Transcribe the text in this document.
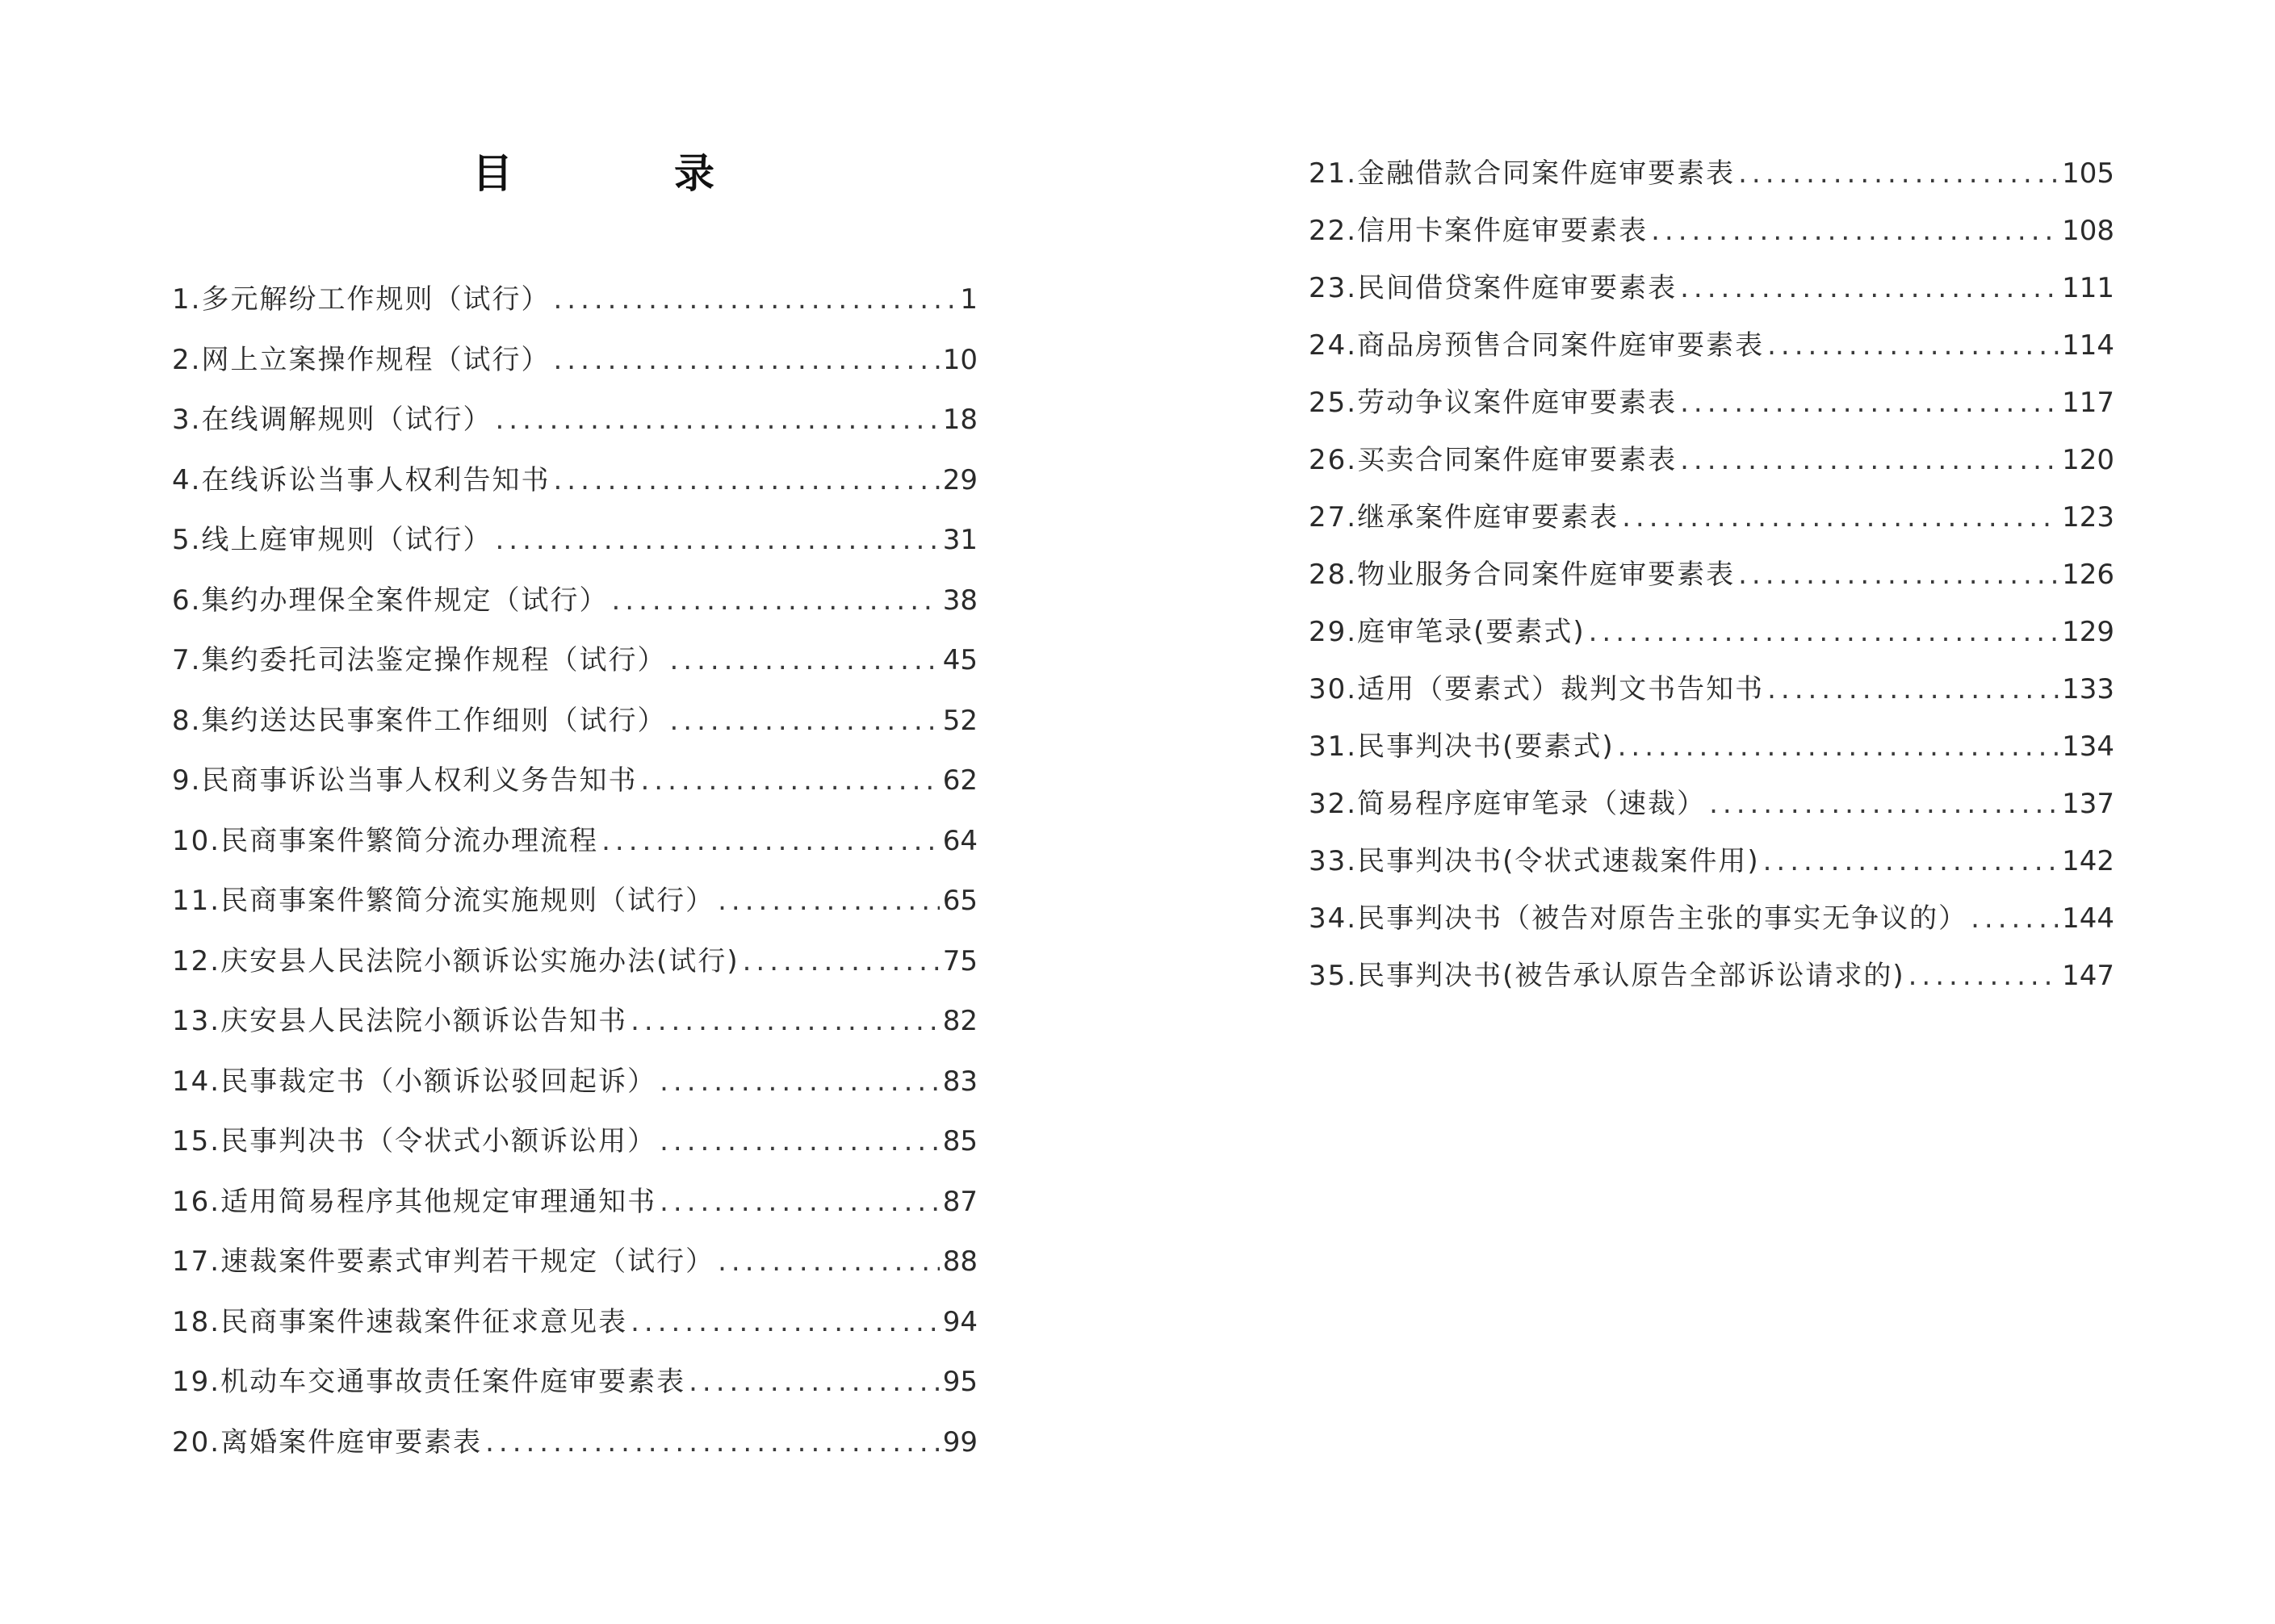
目	录
1.多元解纷工作规则（试行） .....	1
2.网上立案操作规程（试行） .....	10
3.在线调解规则（试行） .....	18
4.在线诉讼当事人权利告知书 .....	29
5.线上庭审规则（试行） .....	31
6.集约办理保全案件规定（试行） .....	38
7.集约委托司法鉴定操作规程（试行） .....	45
8.集约送达民事案件工作细则（试行） .....	52
9.民商事诉讼当事人权利义务告知书 .....	62
10.民商事案件繁简分流办理流程 .....	64
11.民商事案件繁简分流实施规则（试行） .....	65
12.庆安县人民法院小额诉讼实施办法(试行) .....	75
13.庆安县人民法院小额诉讼告知书 .....	82
14.民事裁定书（小额诉讼驳回起诉） .....	83
15.民事判决书（令状式小额诉讼用） .....	85
16.适用简易程序其他规定审理通知书 .....	87
17.速裁案件要素式审判若干规定（试行） .....	88
18.民商事案件速裁案件征求意见表 .....	94
19.机动车交通事故责任案件庭审要素表 .....	95
20.离婚案件庭审要素表 .....	99
21.金融借款合同案件庭审要素表 .....	105
22.信用卡案件庭审要素表 .....	108
23.民间借贷案件庭审要素表 .....	111
24.商品房预售合同案件庭审要素表 .....	114
25.劳动争议案件庭审要素表 .....	117
26.买卖合同案件庭审要素表 .....	120
27.继承案件庭审要素表 .....	123
28.物业服务合同案件庭审要素表 .....	126
29.庭审笔录(要素式) .....	129
30.适用（要素式）裁判文书告知书 .....	133
31.民事判决书(要素式) .....	134
32.简易程序庭审笔录（速裁） .....	137
33.民事判决书(令状式速裁案件用) .....	142
34.民事判决书（被告对原告主张的事实无争议的） .....	144
35.民事判决书(被告承认原告全部诉讼请求的) .....	147
